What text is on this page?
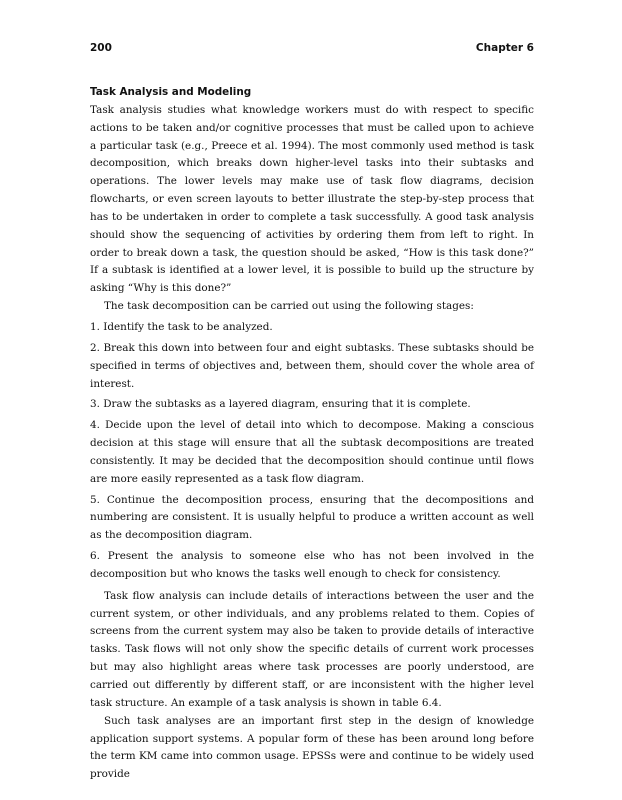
200	Chapter 6
Task Analysis and Modeling

Task analysis studies what knowledge workers must do with respect to specific actions to be taken and/or cognitive processes that must be called upon to achieve a particular task (e.g., Preece et al. 1994). The most commonly used method is task decomposition, which breaks down higher-level tasks into their subtasks and operations. The lower levels may make use of task flow diagrams, decision flowcharts, or even screen layouts to better illustrate the step-by-step process that has to be undertaken in order to complete a task successfully. A good task analysis should show the sequencing of activities by ordering them from left to right. In order to break down a task, the question should be asked, “How is this task done?” If a subtask is identified at a lower level, it is possible to build up the structure by asking “Why is this done?”

The task decomposition can be carried out using the following stages:

1. Identify the task to be analyzed.

2. Break this down into between four and eight subtasks. These subtasks should be specified in terms of objectives and, between them, should cover the whole area of interest.

3. Draw the subtasks as a layered diagram, ensuring that it is complete.

4. Decide upon the level of detail into which to decompose. Making a conscious decision at this stage will ensure that all the subtask decompositions are treated consistently. It may be decided that the decomposition should continue until flows are more easily represented as a task flow diagram.

5. Continue the decomposition process, ensuring that the decompositions and numbering are consistent. It is usually helpful to produce a written account as well as the decomposition diagram.

6. Present the analysis to someone else who has not been involved in the decomposition but who knows the tasks well enough to check for consistency.

Task flow analysis can include details of interactions between the user and the current system, or other individuals, and any problems related to them. Copies of screens from the current system may also be taken to provide details of interactive tasks. Task flows will not only show the specific details of current work processes but may also highlight areas where task processes are poorly understood, are carried out differently by different staff, or are inconsistent with the higher level task structure. An example of a task analysis is shown in table 6.4.

Such task analyses are an important first step in the design of knowledge application support systems. A popular form of these has been around long before the term KM came into common usage. EPSSs were and continue to be widely used provide
